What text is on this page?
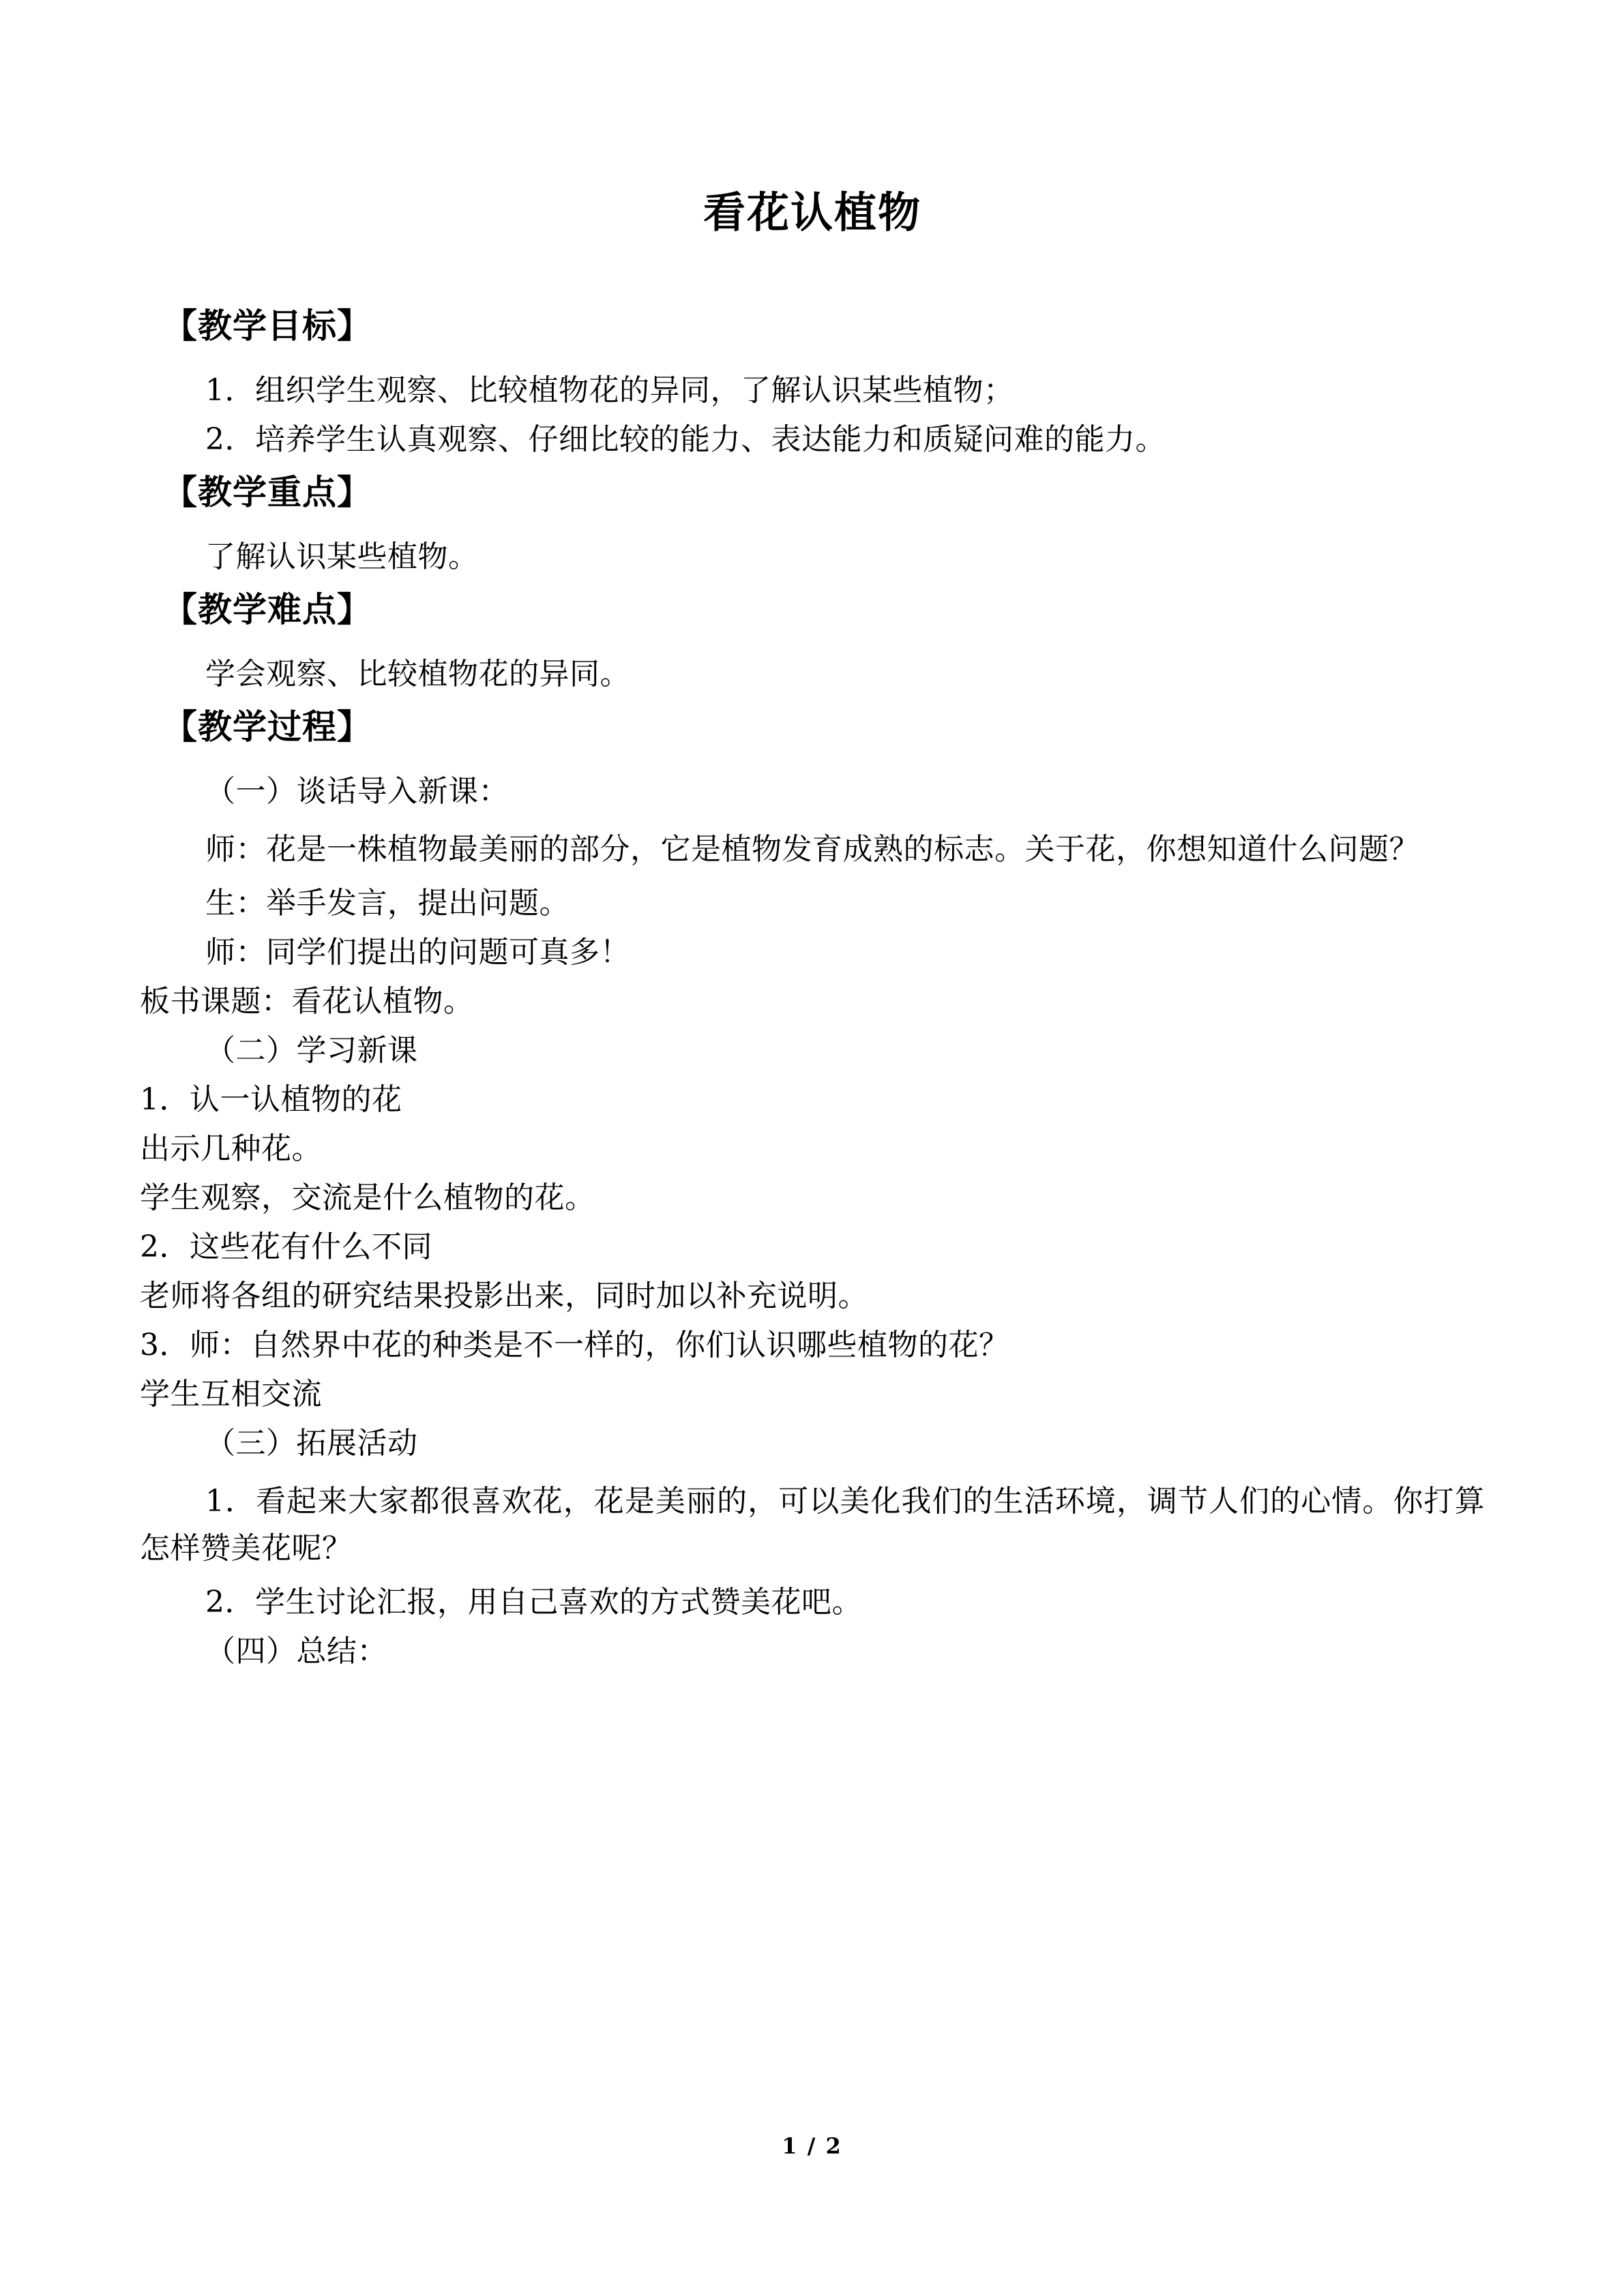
看花认植物
【教学目标】

1．组织学生观察、比较植物花的异同，了解认识某些植物；

2．培养学生认真观察、仔细比较的能力、表达能力和质疑问难的能力。

【教学重点】

了解认识某些植物。

【教学难点】

学会观察、比较植物花的异同。

【教学过程】

（一）谈话导入新课：

师：花是一株植物最美丽的部分，它是植物发育成熟的标志。关于花，你想知道什么问题？

生：举手发言，提出问题。

师：同学们提出的问题可真多！

板书课题：看花认植物。

（二）学习新课

1．认一认植物的花

出示几种花。

学生观察，交流是什么植物的花。

2．这些花有什么不同

老师将各组的研究结果投影出来，同时加以补充说明。

3．师：自然界中花的种类是不一样的，你们认识哪些植物的花？

学生互相交流

（三）拓展活动

1．看起来大家都很喜欢花，花是美丽的，可以美化我们的生活环境，调节人们的心情。你打算怎样赞美花呢？

2．学生讨论汇报，用自己喜欢的方式赞美花吧。

（四）总结：

1 / 2
